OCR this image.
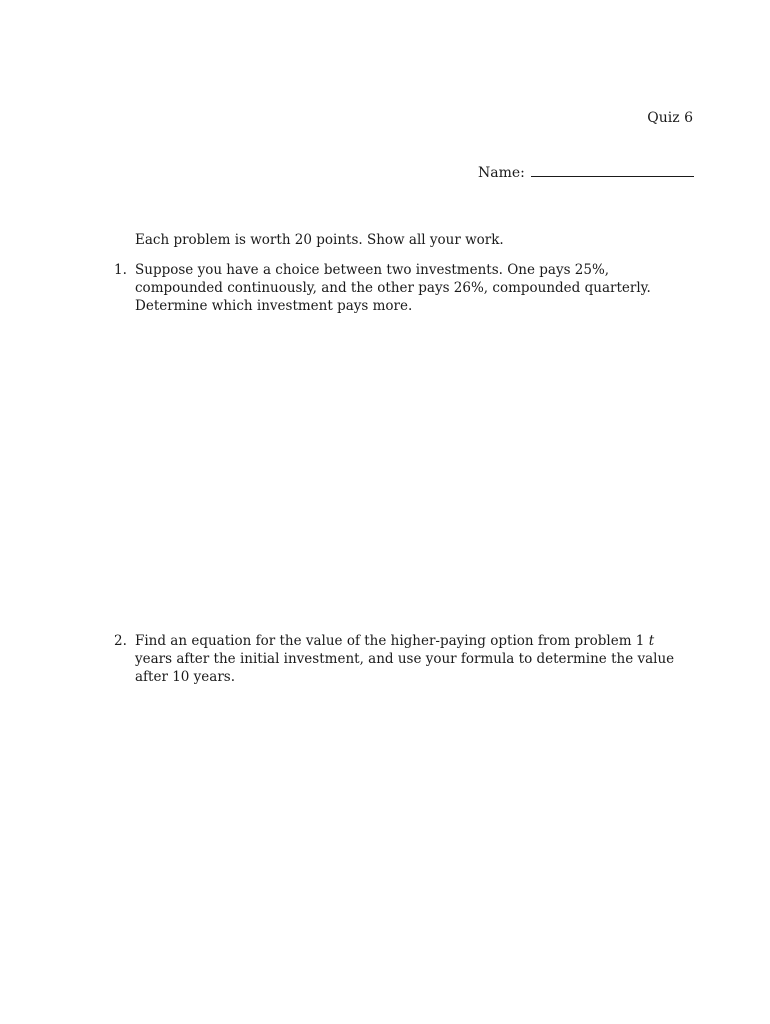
Quiz 6
Name:
Each problem is worth 20 points. Show all your work.
1. Suppose you have a choice between two investments. One pays 25%, compounded continuously, and the other pays 26%, compounded quarterly. Determine which investment pays more.
2. Find an equation for the value of the higher-paying option from problem 1 t years after the initial investment, and use your formula to determine the value after 10 years.
